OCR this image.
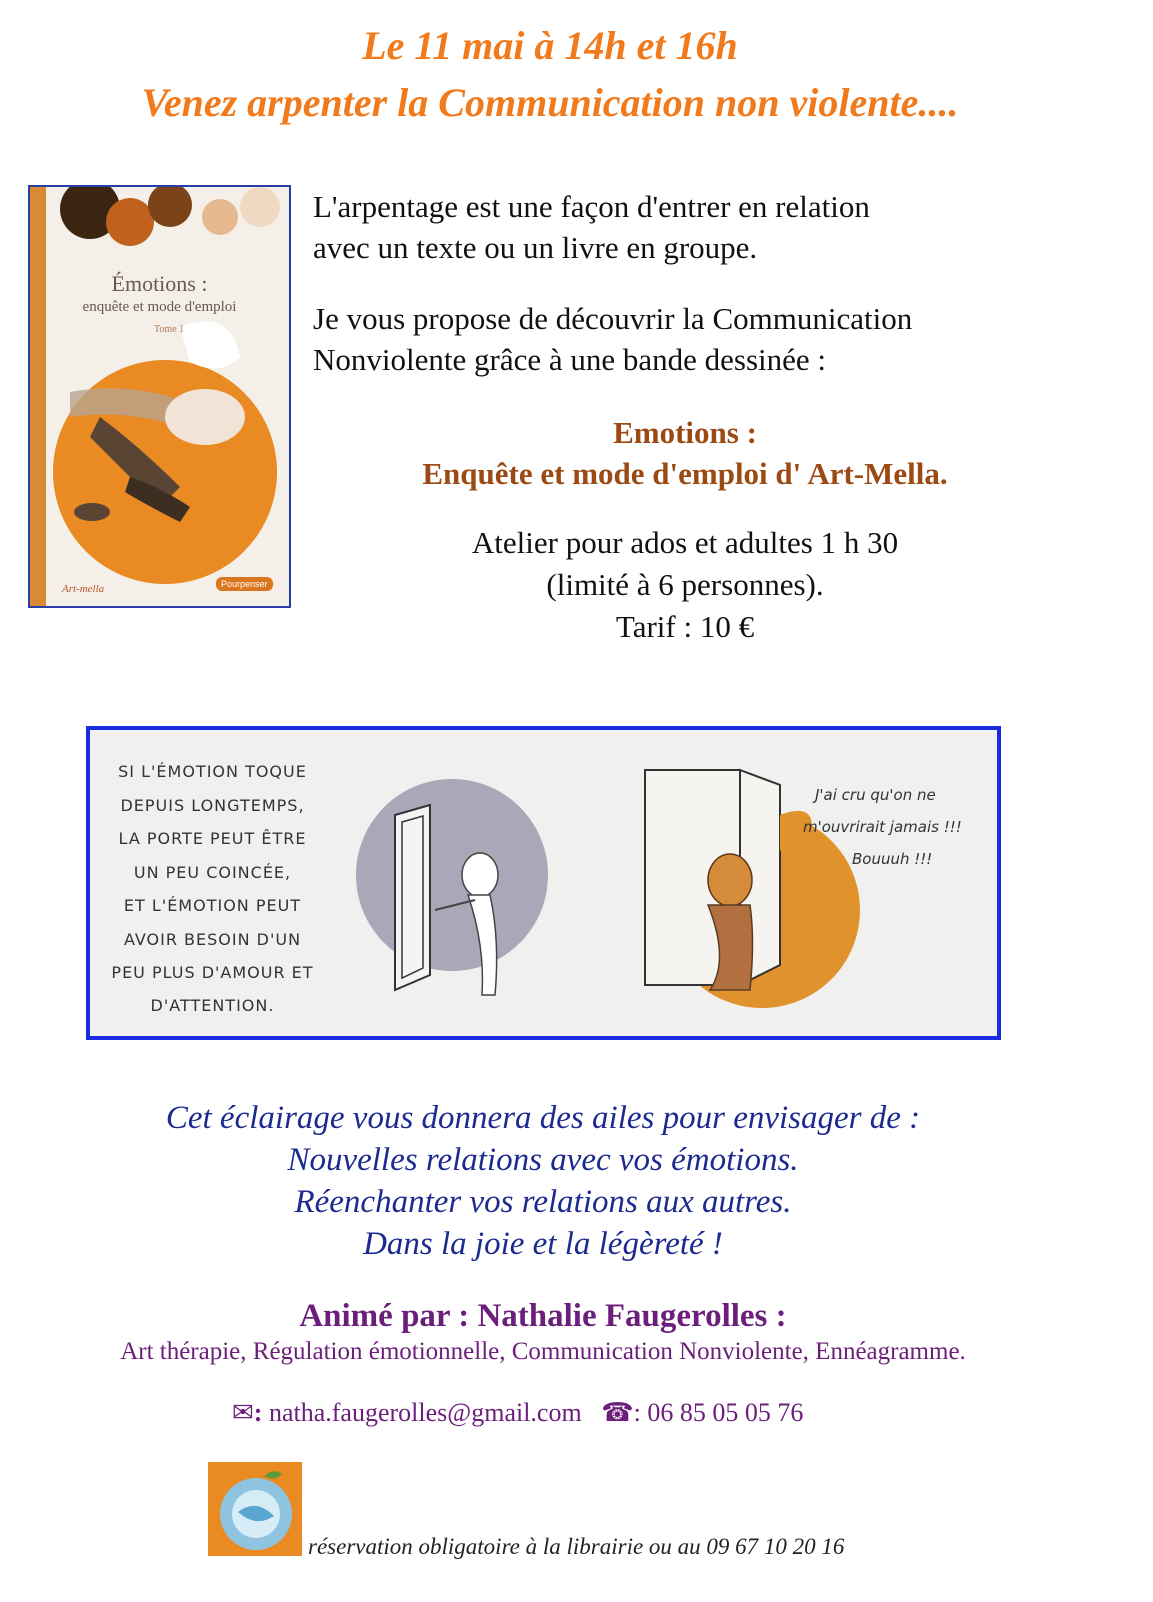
Le 11 mai à 14h et 16h
Venez arpenter la Communication non violente....
Émotions :
enquête et mode d'emploi
Tome 1
Art-mella	Pourpenser
L'arpentage est une façon d'entrer en relation
avec un texte ou un livre en groupe.
Je vous propose de découvrir la Communication
Nonviolente grâce à une bande dessinée :
Emotions :
Enquête et mode d'emploi d' Art-Mella.
Atelier pour ados et adultes 1 h 30
(limité à 6 personnes).
Tarif : 10 €
SI L'ÉMOTION TOQUE
DEPUIS LONGTEMPS,
LA PORTE PEUT ÊTRE
UN PEU COINCÉE,
ET L'ÉMOTION PEUT
AVOIR BESOIN D'UN
PEU PLUS D'AMOUR ET
D'ATTENTION.
J'ai cru qu'on ne
m'ouvrirait jamais !!!
Bouuuh !!!
Cet éclairage vous donnera des ailes pour envisager de :
Nouvelles relations avec vos émotions.
Réenchanter vos relations aux autres.
Dans la joie et la légèreté !
Animé par : Nathalie Faugerolles :
Art thérapie, Régulation émotionnelle, Communication Nonviolente, Ennéagramme.
✉: natha.faugerolles@gmail.com ☎: 06 85 05 05 76
réservation obligatoire à la librairie ou au 09 67 10 20 16
